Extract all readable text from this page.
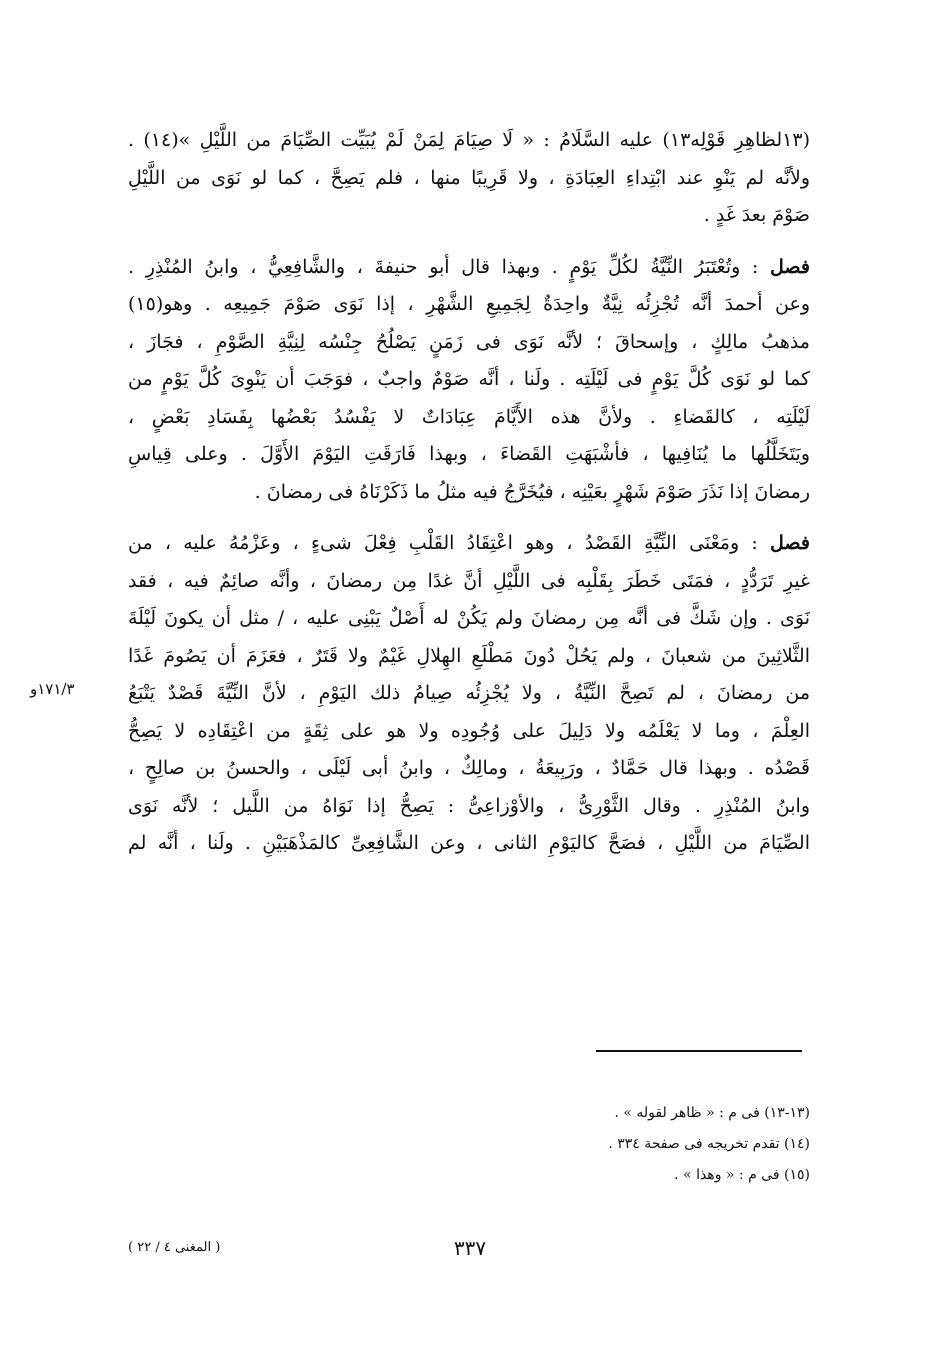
(١٣لظاهِرِ قَوْلِه١٣) عليه السَّلَامُ : « لَا صِيَامَ لِمَنْ لَمْ يُبَيِّت الصِّيَامَ من اللَّيْلِ »(١٤) .
ولأنَّه لم يَنْوِ عند ابْتِداءِ العِبَادَةِ ، ولا قَرِيبًا منها ، فلم يَصِحَّ ، كما لو نَوَى من اللَّيْلِ
صَوْمَ بعدَ غَدٍ .
فصل : وتُعْتَبَرُ النِّيَّةُ لكُلِّ يَوْمٍ . وبهذا قال أبو حنيفةَ ، والشَّافِعِيُّ ، وابنُ المُنْذِرِ .
وعن أحمدَ أنَّه تُجْزِئُه نِيَّةٌ واحِدَةٌ لِجَمِيعِ الشَّهْرِ ، إذا نَوَى صَوْمَ جَمِيعِه . وهو(١٥)
مذهبُ مالِكٍ ، وإسحاقَ ؛ لأنَّه نَوَى فى زَمَنٍ يَصْلُحُ جِنْسُه لِنِيَّةِ الصَّوْمِ ، فجَازَ ،
كما لو نَوَى كُلَّ يَوْمٍ فى لَيْلَتِه . ولَنا ، أنَّه صَوْمٌ واجبٌ ، فوَجَبَ أن يَنْوِىَ كُلَّ يَوْمٍ من
لَيْلَتِه ، كالقَضاءِ . ولأنَّ هذه الأَيَّامَ عِبَادَاتٌ لا يَفْسُدُ بَعْضُها بِفَسَادِ بَعْضٍ ،
ويَتَخَلَّلُها ما يُنَافِيها ، فأشْبَهَتِ القَضاءَ ، وبهذا فَارَقَتِ اليَوْمَ الأَوَّلَ . وعلى قِياسِ
رمضانَ إذا نَذَرَ صَوْمَ شَهْرٍ بعَيْنِه ، فيُخَرَّجُ فيه مثلُ ما ذَكَرْنَاهُ فى رمضانَ .
فصل : ومَعْنَى النِّيَّةِ القَصْدُ ، وهو اعْتِقَادُ القَلْبِ فِعْلَ شىءٍ ، وعَزْمُهُ عليه ، من
غيرِ تَرَدُّدٍ ، فمَتَى خَطَرَ بِقَلْبِه فى اللَّيْلِ أنَّ غدًا مِن رمضانَ ، وأنَّه صائِمٌ فيه ، فقد
نَوَى . وإن شَكَّ فى أنَّه مِن رمضانَ ولم يَكُنْ له أَصْلٌ يَبْنِى عليه ، / مثل أن يكونَ لَيْلَةَ
الثَّلاثِينَ من شعبانَ ، ولم يَحُلْ دُونَ مَطْلَعِ الهِلالِ غَيْمٌ ولا قَتَرٌ ، فعَزَمَ أن يَصُومَ غَدًا
من رمضانَ ، لم تَصِحَّ النِّيَّةُ ، ولا يُجْزِئُه صِيامُ ذلك اليَوْمِ ، لأنَّ النِّيَّةَ قَصْدٌ يَتْبَعُ
العِلْمَ ، وما لا يَعْلَمُه ولا دَلِيلَ على وُجُودِه ولا هو على ثِقَةٍ من اعْتِقَادِه لا يَصِحُّ
قَصْدُه . وبهذا قال حَمَّادٌ ، ورَبِيعَةُ ، ومالِكٌ ، وابنُ أبى لَيْلَى ، والحسنُ بن صالِحٍ ،
وابنُ المُنْذِرِ . وقال الثَّوْرِىُّ ، والأوْزاعِىُّ : يَصِحُّ إذا نَوَاهُ من اللَّيل ؛ لأنَّه نَوَى
الصِّيَامَ من اللَّيْلِ ، فصَحَّ كاليَوْمِ الثانى ، وعن الشَّافِعِىِّ كالمَذْهَبَيْنِ . ولَنا ، أنَّه لم
١٧١/٣و
(١٣-١٣) فى م : « ظاهر لقوله » .
(١٤) تقدم تخريجه فى صفحة ٣٣٤ .
(١٥) فى م : « وهذا » .
٣٣٧
( المغنى ٤ / ٢٢ )
